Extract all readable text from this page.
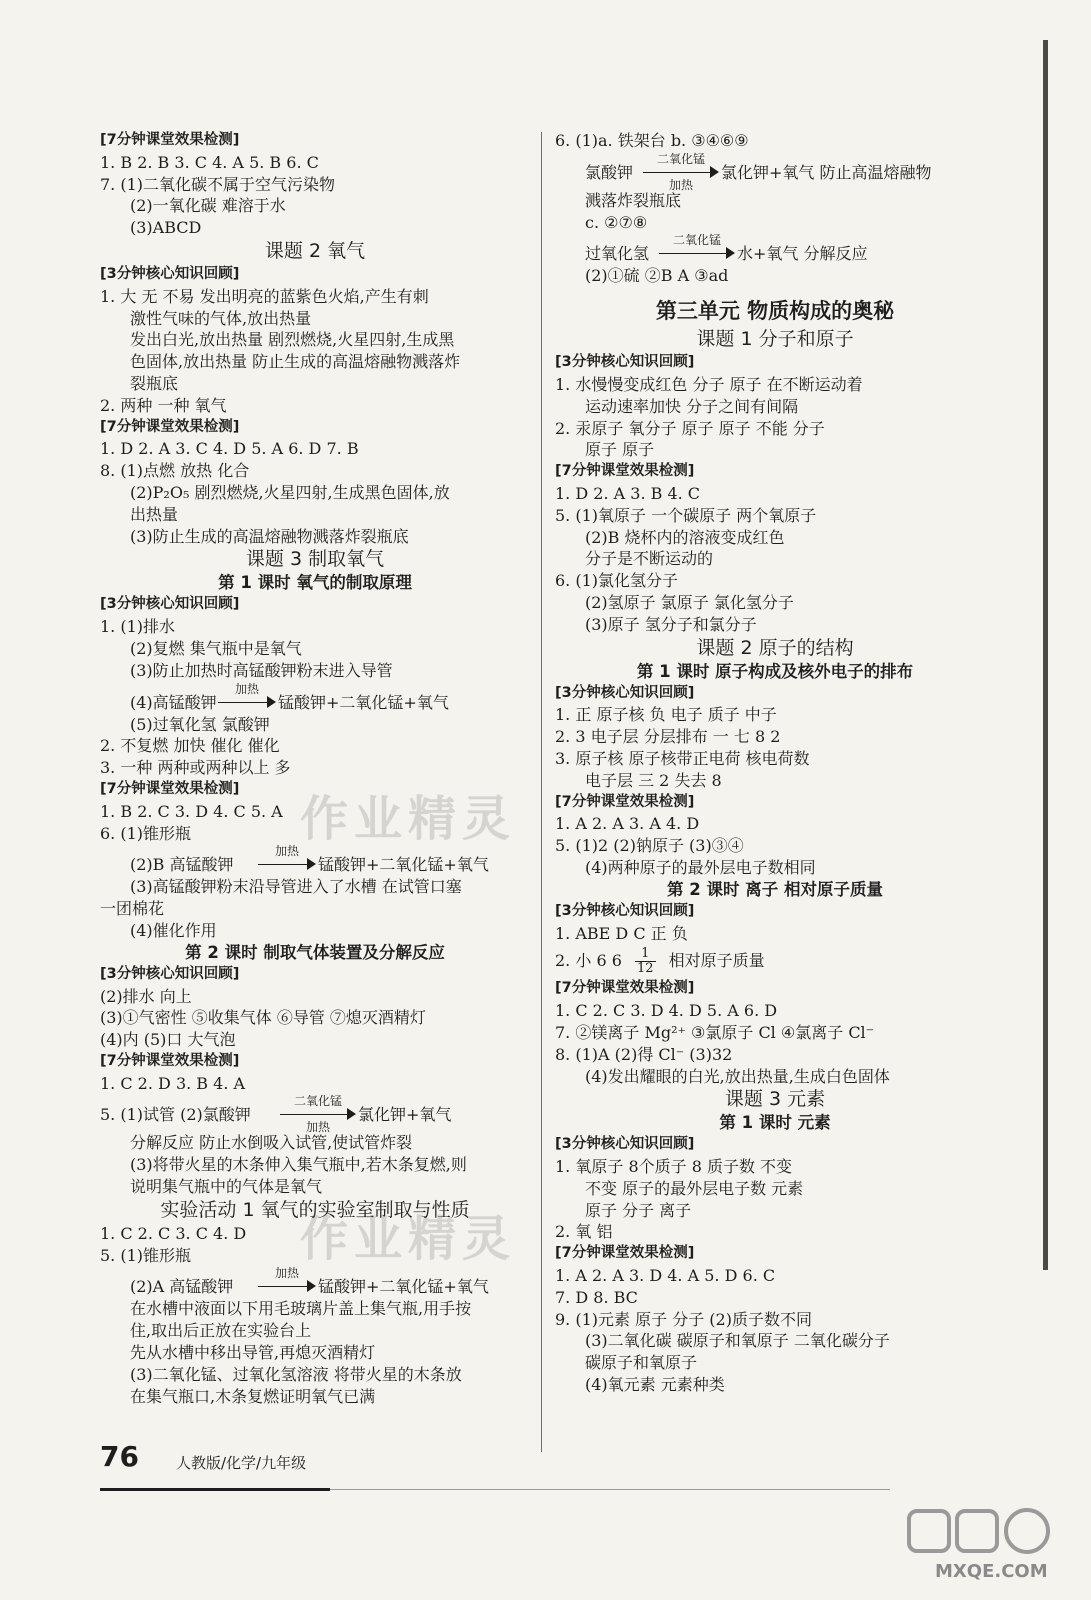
[7分钟课堂效果检测]
1. B 2. B 3. C 4. A 5. B 6. C
7. (1)二氧化碳不属于空气污染物
(2)一氧化碳 难溶于水
(3)ABCD
课题 2 氧气
[3分钟核心知识回顾]
1. 大 无 不易 发出明亮的蓝紫色火焰,产生有刺
激性气味的气体,放出热量
发出白光,放出热量 剧烈燃烧,火星四射,生成黑
色固体,放出热量 防止生成的高温熔融物溅落炸
裂瓶底
2. 两种 一种 氧气
[7分钟课堂效果检测]
1. D 2. A 3. C 4. D 5. A 6. D 7. B
8. (1)点燃 放热 化合
(2)P₂O₅ 剧烈燃烧,火星四射,生成黑色固体,放
出热量
(3)防止生成的高温熔融物溅落炸裂瓶底
课题 3 制取氧气
第 1 课时 氧气的制取原理
[3分钟核心知识回顾]
1. (1)排水
(2)复燃 集气瓶中是氧气
(3)防止加热时高锰酸钾粉末进入导管
(4)高锰酸钾
加热
锰酸钾+二氧化锰+氧气
(5)过氧化氢 氯酸钾
2. 不复燃 加快 催化 催化
3. 一种 两种或两种以上 多
[7分钟课堂效果检测]
1. B 2. C 3. D 4. C 5. A
6. (1)锥形瓶
(2)B 高锰酸钾
加热
锰酸钾+二氧化锰+氧气
(3)高锰酸钾粉末沿导管进入了水槽 在试管口塞
一团棉花
(4)催化作用
第 2 课时 制取气体装置及分解反应
[3分钟核心知识回顾]
(2)排水 向上
(3)①气密性 ⑤收集气体 ⑥导管 ⑦熄灭酒精灯
(4)内 (5)口 大气泡
[7分钟课堂效果检测]
1. C 2. D 3. B 4. A
5. (1)试管 (2)氯酸钾
二氧化锰
加热
氯化钾+氧气
分解反应 防止水倒吸入试管,使试管炸裂
(3)将带火星的木条伸入集气瓶中,若木条复燃,则
说明集气瓶中的气体是氧气
实验活动 1 氧气的实验室制取与性质
1. C 2. C 3. C 4. D
5. (1)锥形瓶
(2)A 高锰酸钾
加热
锰酸钾+二氧化锰+氧气
在水槽中液面以下用毛玻璃片盖上集气瓶,用手按
住,取出后正放在实验台上
先从水槽中移出导管,再熄灭酒精灯
(3)二氧化锰、过氧化氢溶液 将带火星的木条放
在集气瓶口,木条复燃证明氧气已满
6. (1)a. 铁架台 b. ③④⑥⑨
氯酸钾
二氧化锰
加热
氯化钾+氧气 防止高温熔融物
溅落炸裂瓶底
c. ②⑦⑧
过氧化氢
二氧化锰
水+氧气 分解反应
(2)①硫 ②B A ③ad
第三单元 物质构成的奥秘
课题 1 分子和原子
[3分钟核心知识回顾]
1. 水慢慢变成红色 分子 原子 在不断运动着
运动速率加快 分子之间有间隔
2. 汞原子 氧分子 原子 原子 不能 分子
原子 原子
[7分钟课堂效果检测]
1. D 2. A 3. B 4. C
5. (1)氧原子 一个碳原子 两个氧原子
(2)B 烧杯内的溶液变成红色
分子是不断运动的
6. (1)氯化氢分子
(2)氢原子 氯原子 氯化氢分子
(3)原子 氢分子和氯分子
课题 2 原子的结构
第 1 课时 原子构成及核外电子的排布
[3分钟核心知识回顾]
1. 正 原子核 负 电子 质子 中子
2. 3 电子层 分层排布 一 七 8 2
3. 原子核 原子核带正电荷 核电荷数
电子层 三 2 失去 8
[7分钟课堂效果检测]
1. A 2. A 3. A 4. D
5. (1)2 (2)钠原子 (3)③④
(4)两种原子的最外层电子数相同
第 2 课时 离子 相对原子质量
[3分钟核心知识回顾]
1. ABE D C 正 负
2. 小 6 $6 \frac{1}{12}$ 相对原子质量
[7分钟课堂效果检测]
1. C 2. C 3. D 4. D 5. A 6. D
7. ②镁离子 Mg²⁺ ③氯原子 Cl ④氯离子 Cl⁻
8. (1)A (2)得 Cl⁻ (3)32
(4)发出耀眼的白光,放出热量,生成白色固体
课题 3 元素
第 1 课时 元素
[3分钟核心知识回顾]
1. 氧原子 8个质子 8 质子数 不变
不变 原子的最外层电子数 元素
原子 分子 离子
2. 氧 铝
[7分钟课堂效果检测]
1. A 2. A 3. D 4. A 5. D 6. C
7. D 8. BC
9. (1)元素 原子 分子 (2)质子数不同
(3)二氧化碳 碳原子和氧原子 二氧化碳分子
碳原子和氧原子
(4)氧元素 元素种类
作业精灵
作业精灵
76 人教版/化学/九年级
MXQE.COM
